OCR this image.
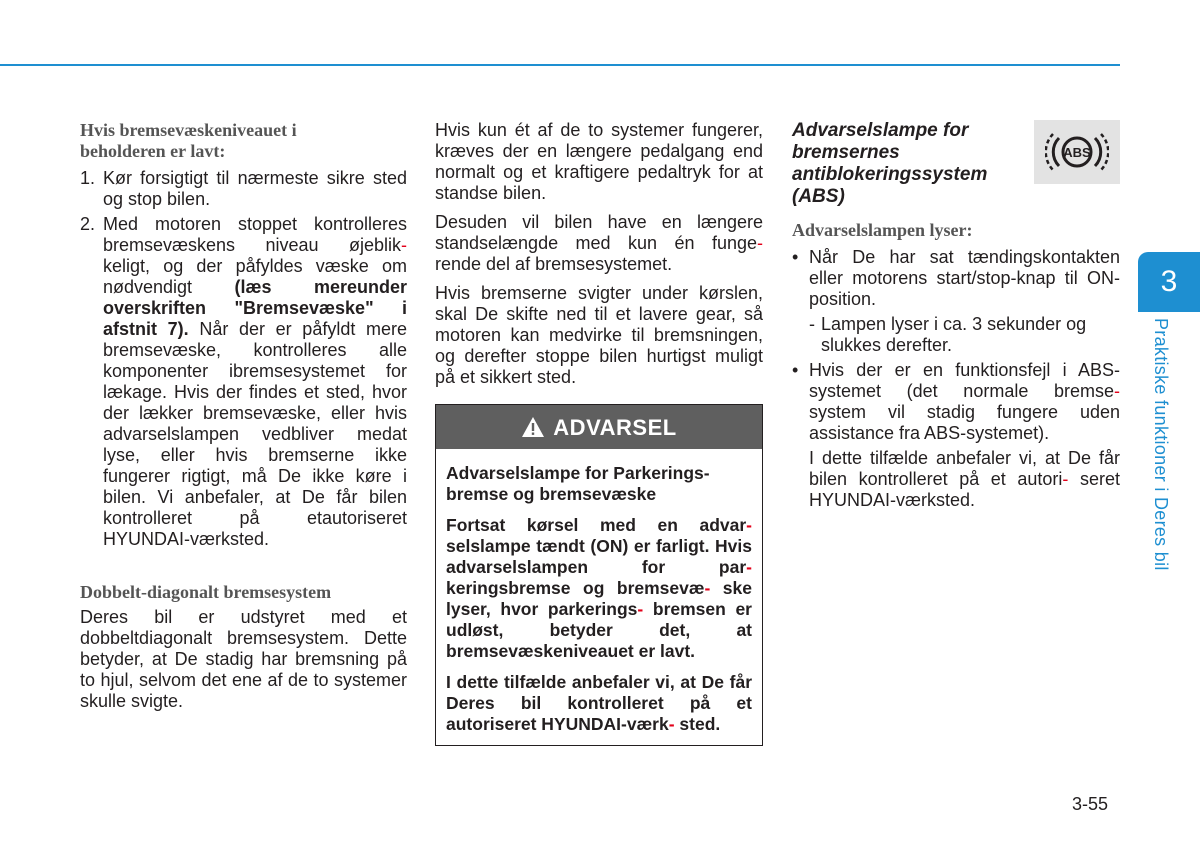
Hvis bremsevæskeniveauet i
beholderen er lavt:

1. Kør forsigtigt til nærmeste sikre sted og stop bilen.
2. Med motoren stoppet kontrolleres bremsevæskens niveau øjeblik- keligt, og der påfyldes væske om nødvendigt (læs mereunder overskriften "Bremsevæske" i afstnit 7). Når der er påfyldt mere bremsevæske, kontrolleres alle komponenter ibremsesystemet for lækage. Hvis der findes et sted, hvor der lækker bremsevæske, eller hvis advarselslampen vedbliver medat lyse, eller hvis bremserne ikke fungerer rigtigt, må De ikke køre i bilen. Vi anbefaler, at De får bilen kontrolleret på etautoriseret HYUNDAI-værksted.

Dobbelt-diagonalt bremsesystem

Deres bil er udstyret med et dobbeltdiagonalt bremsesystem. Dette betyder, at De stadig har bremsning på to hjul, selvom det ene af de to systemer skulle svigte.

Hvis kun ét af de to systemer fungerer, kræves der en længere pedalgang end normalt og et kraftigere pedaltryk for at standse bilen.

Desuden vil bilen have en længere standselængde med kun én funge- rende del af bremsesystemet.

Hvis bremserne svigter under kørslen, skal De skifte ned til et lavere gear, så motoren kan medvirke til bremsningen, og derefter stoppe bilen hurtigst muligt på et sikkert sted.

ADVARSEL

Advarselslampe for Parkerings-bremse og bremsevæske

Fortsat kørsel med en advar- selslampe tændt (ON) er farligt. Hvis advarselslampen for par- keringsbremse og bremsevæ- ske lyser, hvor parkerings- bremsen er udløst, betyder det, at bremsevæskeniveauet er lavt.

I dette tilfælde anbefaler vi, at De får Deres bil kontrolleret på et autoriseret HYUNDAI-værk- sted.

Advarselslampe for bremsernes antiblokeringssystem (ABS)
ABS

Advarselslampen lyser:

• Når De har sat tændingskontakten eller motorens start/stop-knap til ON-position.
- Lampen lyser i ca. 3 sekunder og slukkes derefter.
• Hvis der er en funktionsfejl i ABS-systemet (det normale bremse- system vil stadig fungere uden assistance fra ABS-systemet).

I dette tilfælde anbefaler vi, at De får bilen kontrolleret på et autori- seret HYUNDAI-værksted.

3
Praktiske funktioner i Deres bil
3-55
